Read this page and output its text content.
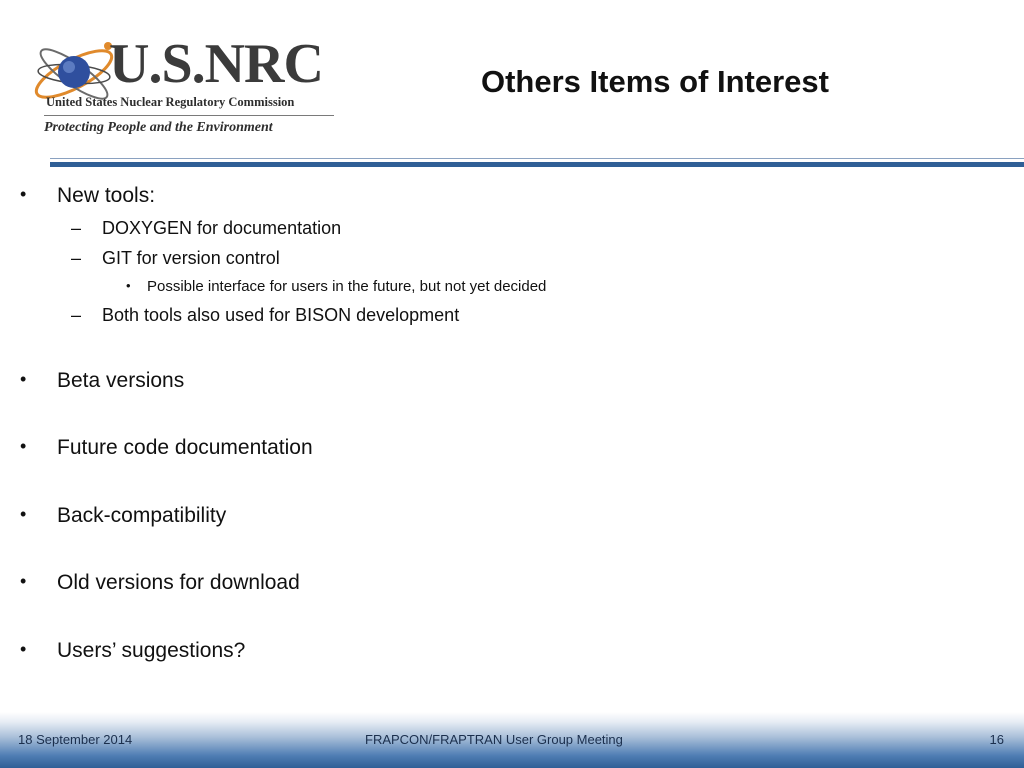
U.S.NRC
United States Nuclear Regulatory Commission
Protecting People and the Environment
Others Items of Interest
• New tools:
– DOXYGEN for documentation
– GIT for version control
• Possible interface for users in the future, but not yet decided
– Both tools also used for BISON development
• Beta versions
• Future code documentation
• Back-compatibility
• Old versions for download
• Users’ suggestions?
18 September 2014	FRAPCON/FRAPTRAN User Group Meeting	16
